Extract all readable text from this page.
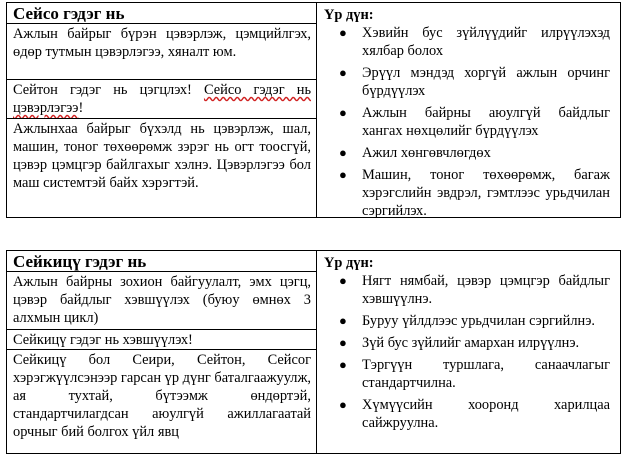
Сейсо гэдэг нь
Ажлын байрыг бүрэн цэвэрлэж, цэмцийлгэх, өдөр тутмын цэвэрлэгээ, хяналт юм.
Сейтон гэдэг нь цэгцлэх! Сейсо гэдэг нь цэвэрлэгээ!
Ажлынхаа байрыг бүхэлд нь цэвэрлэж, шал, машин, тоног төхөөрөмж зэрэг нь огт тоосгүй, цэвэр цэмцгэр байлгахыг хэлнэ. Цэвэрлэгээ бол маш системтэй байх хэрэгтэй.
Үр дүн:
● Хэвийн бус зүйлүүдийг илрүүлэхэд хялбар болох
● Эрүүл мэндэд хоргүй ажлын орчинг бүрдүүлэх
● Ажлын байрны аюулгүй байдлыг хангах нөхцөлийг бүрдүүлэх
● Ажил хөнгөвчлөгдөх
● Машин, тоног төхөөрөмж, багаж хэрэгслийн эвдрэл, гэмтлээс урьдчилан сэргийлэх.
Сейкицү гэдэг нь
Ажлын байрны зохион байгуулалт, эмх цэгц, цэвэр байдлыг хэвшүүлэх (буюу өмнөх 3 алхмын цикл)
Сейкицү гэдэг нь хэвшүүлэх!
Сейкицү бол Сеири, Сейтон, Сейсог хэрэгжүүлсэнээр гарсан үр дүнг баталгаажуулж, ая тухтай, бүтээмж өндөртэй, стандартчилагдсан аюулгүй ажиллагаатай орчныг бий болгох үйл явц
Үр дүн:
● Нягт нямбай, цэвэр цэмцгэр байдлыг хэвшүүлнэ.
● Буруу үйлдлээс урьдчилан сэргийлнэ.
● Зүй бус зүйлийг амархан илрүүлнэ.
● Тэргүүн туршлага, санаачлагыг стандартчилна.
● Хүмүүсийн хооронд харилцаа сайжруулна.
